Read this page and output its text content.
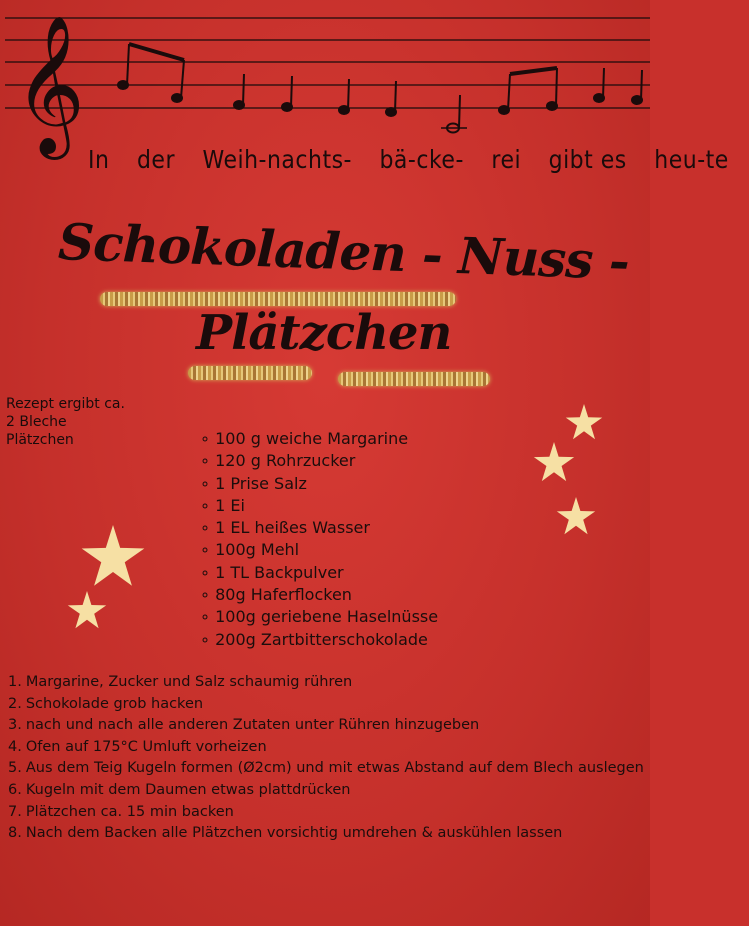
𝄞
In der Weih-nachts- bä-cke- rei gibt es heu-te
Schokoladen - Nuss -
Plätzchen
Rezept ergibt ca. 2 Bleche Plätzchen
∘	100 g weiche Margarine
∘ 120 g Rohrzucker
∘ 1 Prise Salz
∘ 1 Ei
∘ 1 EL heißes Wasser
∘ 100g Mehl
∘ 1 TL Backpulver
∘ 80g Haferflocken
∘ 100g geriebene Haselnüsse
∘ 200g Zartbitterschokolade
1. Margarine, Zucker und Salz schaumig rühren
2. Schokolade grob hacken
3. nach und nach alle anderen Zutaten unter Rühren hinzugeben
4. Ofen auf 175°C Umluft vorheizen
5. Aus dem Teig Kugeln formen (Ø2cm) und mit etwas Abstand auf dem Blech auslegen
6. Kugeln mit dem Daumen etwas plattdrücken
7. Plätzchen ca. 15 min backen
8. Nach dem Backen alle Plätzchen vorsichtig umdrehen & auskühlen lassen
